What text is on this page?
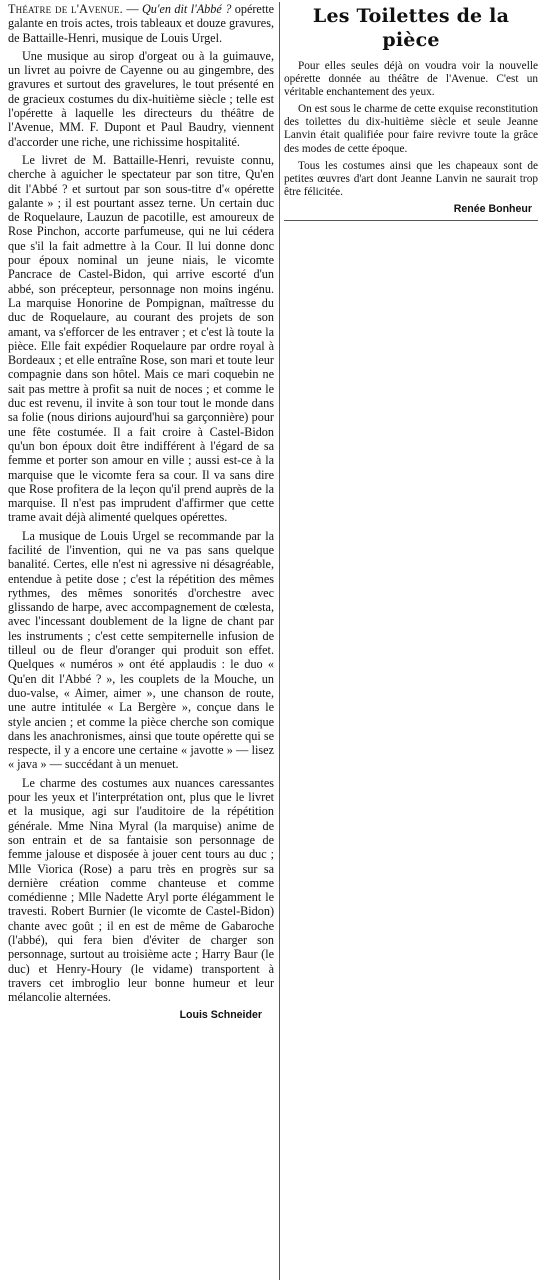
Théatre de l'Avenue. — Qu'en dit l'Abbé ? opérette galante en trois actes, trois tableaux et douze gravures, de Battaille-Henri, musique de Louis Urgel.

Une musique au sirop d'orgeat ou à la guimauve, un livret au poivre de Cayenne ou au gingembre, des gravures et surtout des gravelures, le tout présenté en de gracieux costumes du dix-huitième siècle ; telle est l'opérette à laquelle les directeurs du théâtre de l'Avenue, MM. F. Dupont et Paul Baudry, viennent d'accorder une riche, une richissime hospitalité.

Le livret de M. Battaille-Henri, revuiste connu, cherche à aguicher le spectateur par son titre, Qu'en dit l'Abbé ? et surtout par son sous-titre d'« opérette galante » ; il est pourtant assez terne. Un certain duc de Roquelaure, Lauzun de pacotille, est amoureux de Rose Pinchon, accorte parfumeuse, qui ne lui cédera que s'il la fait admettre à la Cour. Il lui donne donc pour époux nominal un jeune niais, le vicomte Pancrace de Castel-Bidon, qui arrive escorté d'un abbé, son précepteur, personnage non moins ingénu. La marquise Honorine de Pompignan, maîtresse du duc de Roquelaure, au courant des projets de son amant, va s'efforcer de les entraver ; et c'est là toute la pièce. Elle fait expédier Roquelaure par ordre royal à Bordeaux ; et elle entraîne Rose, son mari et toute leur compagnie dans son hôtel. Mais ce mari coquebin ne sait pas mettre à profit sa nuit de noces ; et comme le duc est revenu, il invite à son tour tout le monde dans sa folie (nous dirions aujourd'hui sa garçonnière) pour une fête costumée. Il a fait croire à Castel-Bidon qu'un bon époux doit être indifférent à l'égard de sa femme et porter son amour en ville ; aussi est-ce à la marquise que le vicomte fera sa cour. Il va sans dire que Rose profitera de la leçon qu'il prend auprès de la marquise. Il n'est pas imprudent d'affirmer que cette trame avait déjà alimenté quelques opérettes.

La musique de Louis Urgel se recommande par la facilité de l'invention, qui ne va pas sans quelque banalité. Certes, elle n'est ni agressive ni désagréable, entendue à petite dose ; c'est la répétition des mêmes rythmes, des mêmes sonorités d'orchestre avec glissando de harpe, avec accompagnement de cœlesta, avec l'incessant doublement de la ligne de chant par les instruments ; c'est cette sempiternelle infusion de tilleul ou de fleur d'oranger qui produit son effet. Quelques « numéros » ont été applaudis : le duo « Qu'en dit l'Abbé ? », les couplets de la Mouche, un duo-valse, « Aimer, aimer », une chanson de route, une autre intitulée « La Bergère », conçue dans le style ancien ; et comme la pièce cherche son comique dans les anachronismes, ainsi que toute opérette qui se respecte, il y a encore une certaine « javotte » — lisez « java » — succédant à un menuet.

Le charme des costumes aux nuances caressantes pour les yeux et l'interprétation ont, plus que le livret et la musique, agi sur l'auditoire de la répétition générale. Mme Nina Myral (la marquise) anime de son entrain et de sa fantaisie son personnage de femme jalouse et disposée à jouer cent tours au duc ; Mlle Viorica (Rose) a paru très en progrès sur sa dernière création comme chanteuse et comme comédienne ; Mlle Nadette Aryl porte élégamment le travesti. Robert Burnier (le vicomte de Castel-Bidon) chante avec goût ; il en est de même de Gabaroche (l'abbé), qui fera bien d'éviter de charger son personnage, surtout au troisième acte ; Harry Baur (le duc) et Henry-Houry (le vidame) transportent à travers cet imbroglio leur bonne humeur et leur mélancolie alternées.

Louis Schneider
Les Toilettes de la pièce

Pour elles seules déjà on voudra voir la nouvelle opérette donnée au théâtre de l'Avenue. C'est un véritable enchantement des yeux.

On est sous le charme de cette exquise reconstitution des toilettes du dix-huitième siècle et seule Jeanne Lanvin était qualifiée pour faire revivre toute la grâce des modes de cette époque.

Tous les costumes ainsi que les chapeaux sont de petites œuvres d'art dont Jeanne Lanvin ne saurait trop être félicitée.

Renée Bonheur
